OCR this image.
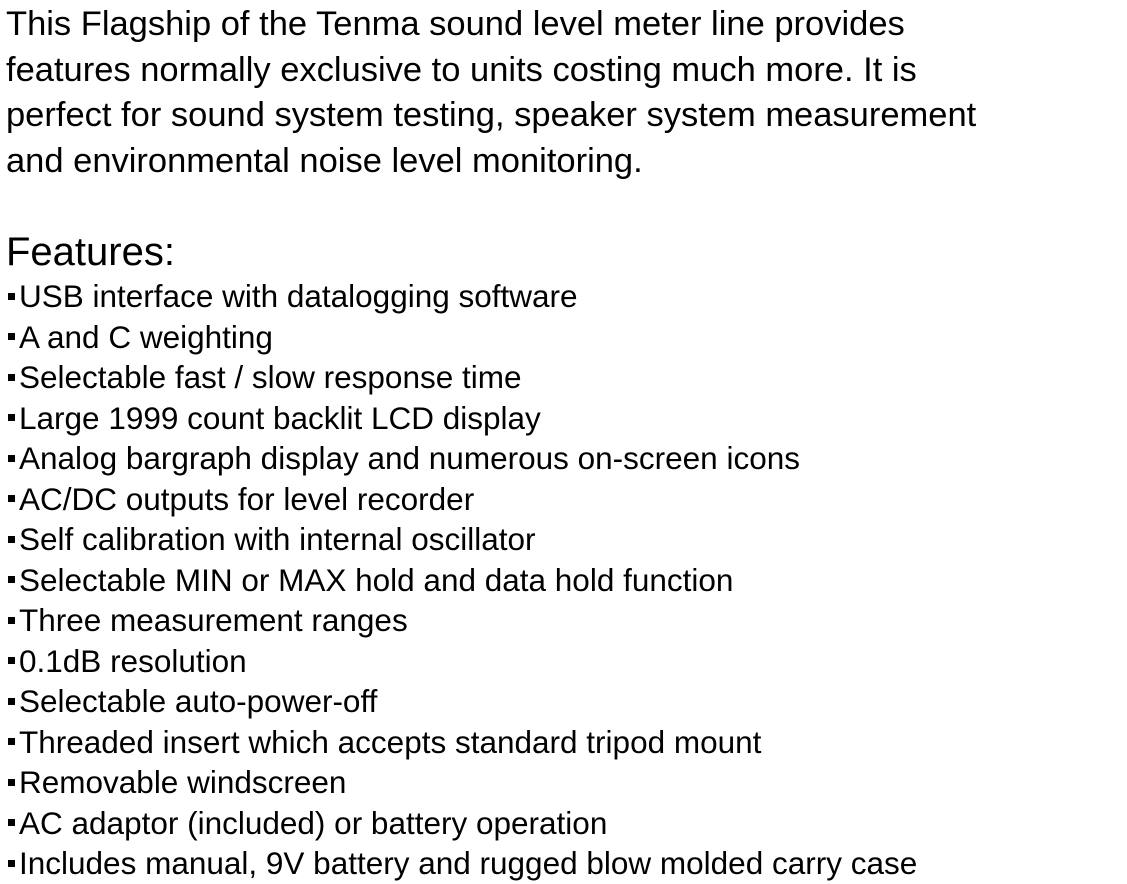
This Flagship of the Tenma sound level meter line provides
features normally exclusive to units costing much more. It is
perfect for sound system testing, speaker system measurement
and environmental noise level monitoring.

Features:
USB interface with datalogging software
A and C weighting
Selectable fast / slow response time
Large 1999 count backlit LCD display
Analog bargraph display and numerous on-screen icons
AC/DC outputs for level recorder
Self calibration with internal oscillator
Selectable MIN or MAX hold and data hold function
Three measurement ranges
0.1dB resolution
Selectable auto-power-off
Threaded insert which accepts standard tripod mount
Removable windscreen
AC adaptor (included) or battery operation
Includes manual, 9V battery and rugged blow molded carry case
